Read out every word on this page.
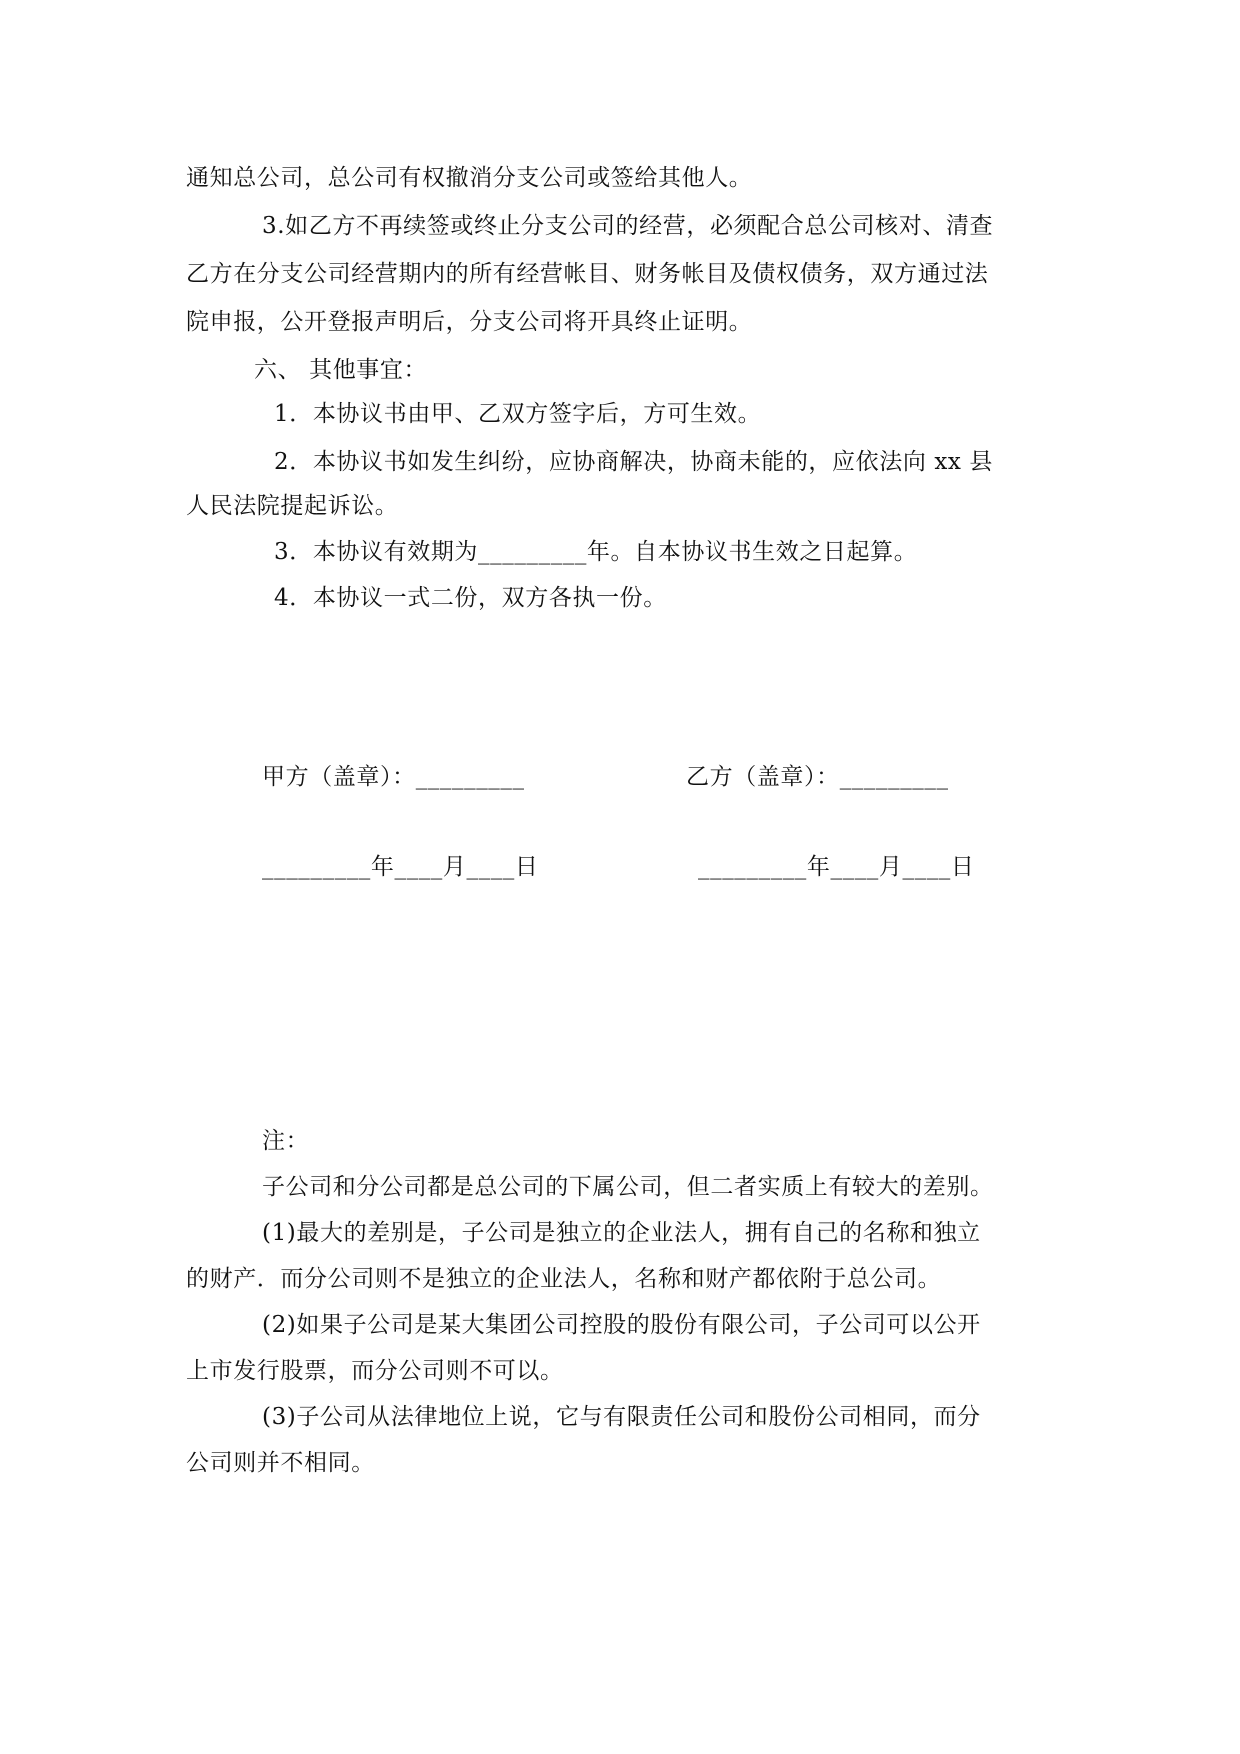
通知总公司，总公司有权撤消分支公司或签给其他人。
3.如乙方不再续签或终止分支公司的经营，必须配合总公司核对、清查
乙方在分支公司经营期内的所有经营帐目、财务帐目及债权债务，双方通过法
院申报，公开登报声明后，分支公司将开具终止证明。
六、 其他事宜：
1．本协议书由甲、乙双方签字后，方可生效。
2．本协议书如发生纠纷，应协商解决，协商未能的，应依法向 xx 县
人民法院提起诉讼。
3．本协议有效期为_________年。自本协议书生效之日起算。
4．本协议一式二份，双方各执一份。
甲方（盖章）：_________	乙方（盖章）：_________
_________年____月____日	_________年____月____日
注：
子公司和分公司都是总公司的下属公司，但二者实质上有较大的差别。
(1)最大的差别是，子公司是独立的企业法人，拥有自己的名称和独立
的财产．而分公司则不是独立的企业法人，名称和财产都依附于总公司。
(2)如果子公司是某大集团公司控股的股份有限公司，子公司可以公开
上市发行股票，而分公司则不可以。
(3)子公司从法律地位上说，它与有限责任公司和股份公司相同，而分
公司则并不相同。
